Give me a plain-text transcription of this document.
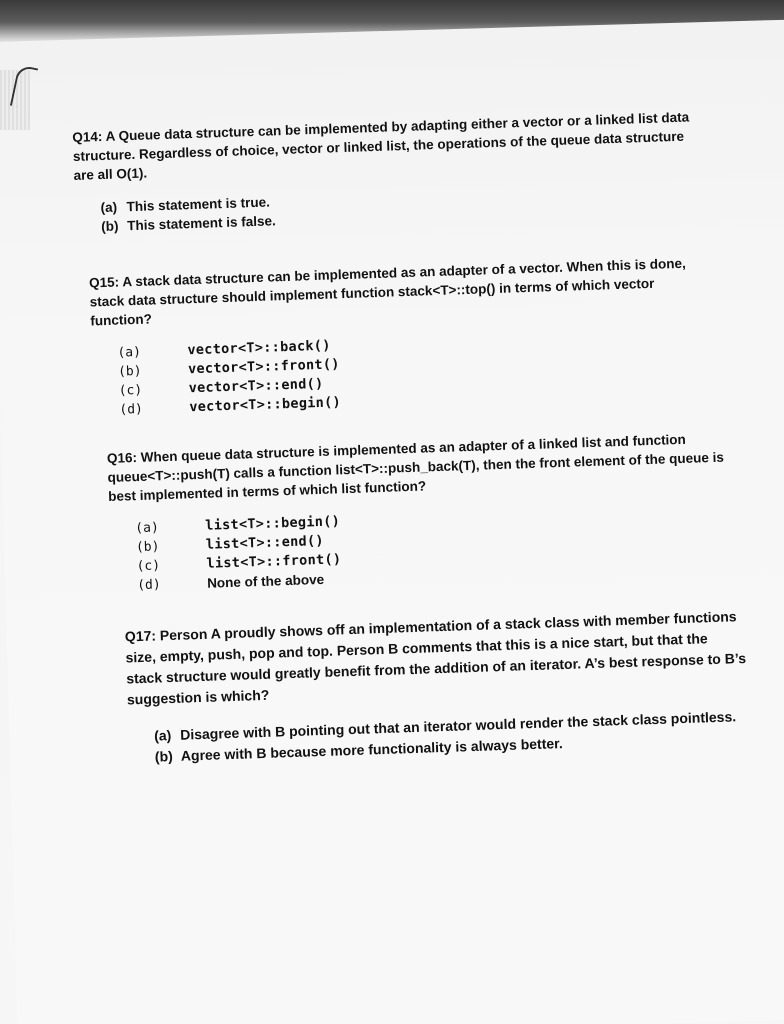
Q14: A Queue data structure can be implemented by adapting either a vector or a linked list data structure. Regardless of choice, vector or linked list, the operations of the queue data structure are all O(1).

(a) This statement is true.
(b) This statement is false.

Q15: A stack data structure can be implemented as an adapter of a vector. When this is done, stack data structure should implement function stack<T>::top() in terms of which vector function?

(a)	vector<T>::back()
(b)	vector<T>::front()
(c)	vector<T>::end()
(d)	vector<T>::begin()

Q16: When queue data structure is implemented as an adapter of a linked list and function queue<T>::push(T) calls a function list<T>::push_back(T), then the front element of the queue is best implemented in terms of which list function?

(a)	list<T>::begin()
(b)	list<T>::end()
(c)	list<T>::front()
(d)	None of the above

Q17: Person A proudly shows off an implementation of a stack class with member functions size, empty, push, pop and top. Person B comments that this is a nice start, but that the stack structure would greatly benefit from the addition of an iterator. A’s best response to B’s suggestion is which?

(a) Disagree with B pointing out that an iterator would render the stack class pointless.
(b) Agree with B because more functionality is always better.
